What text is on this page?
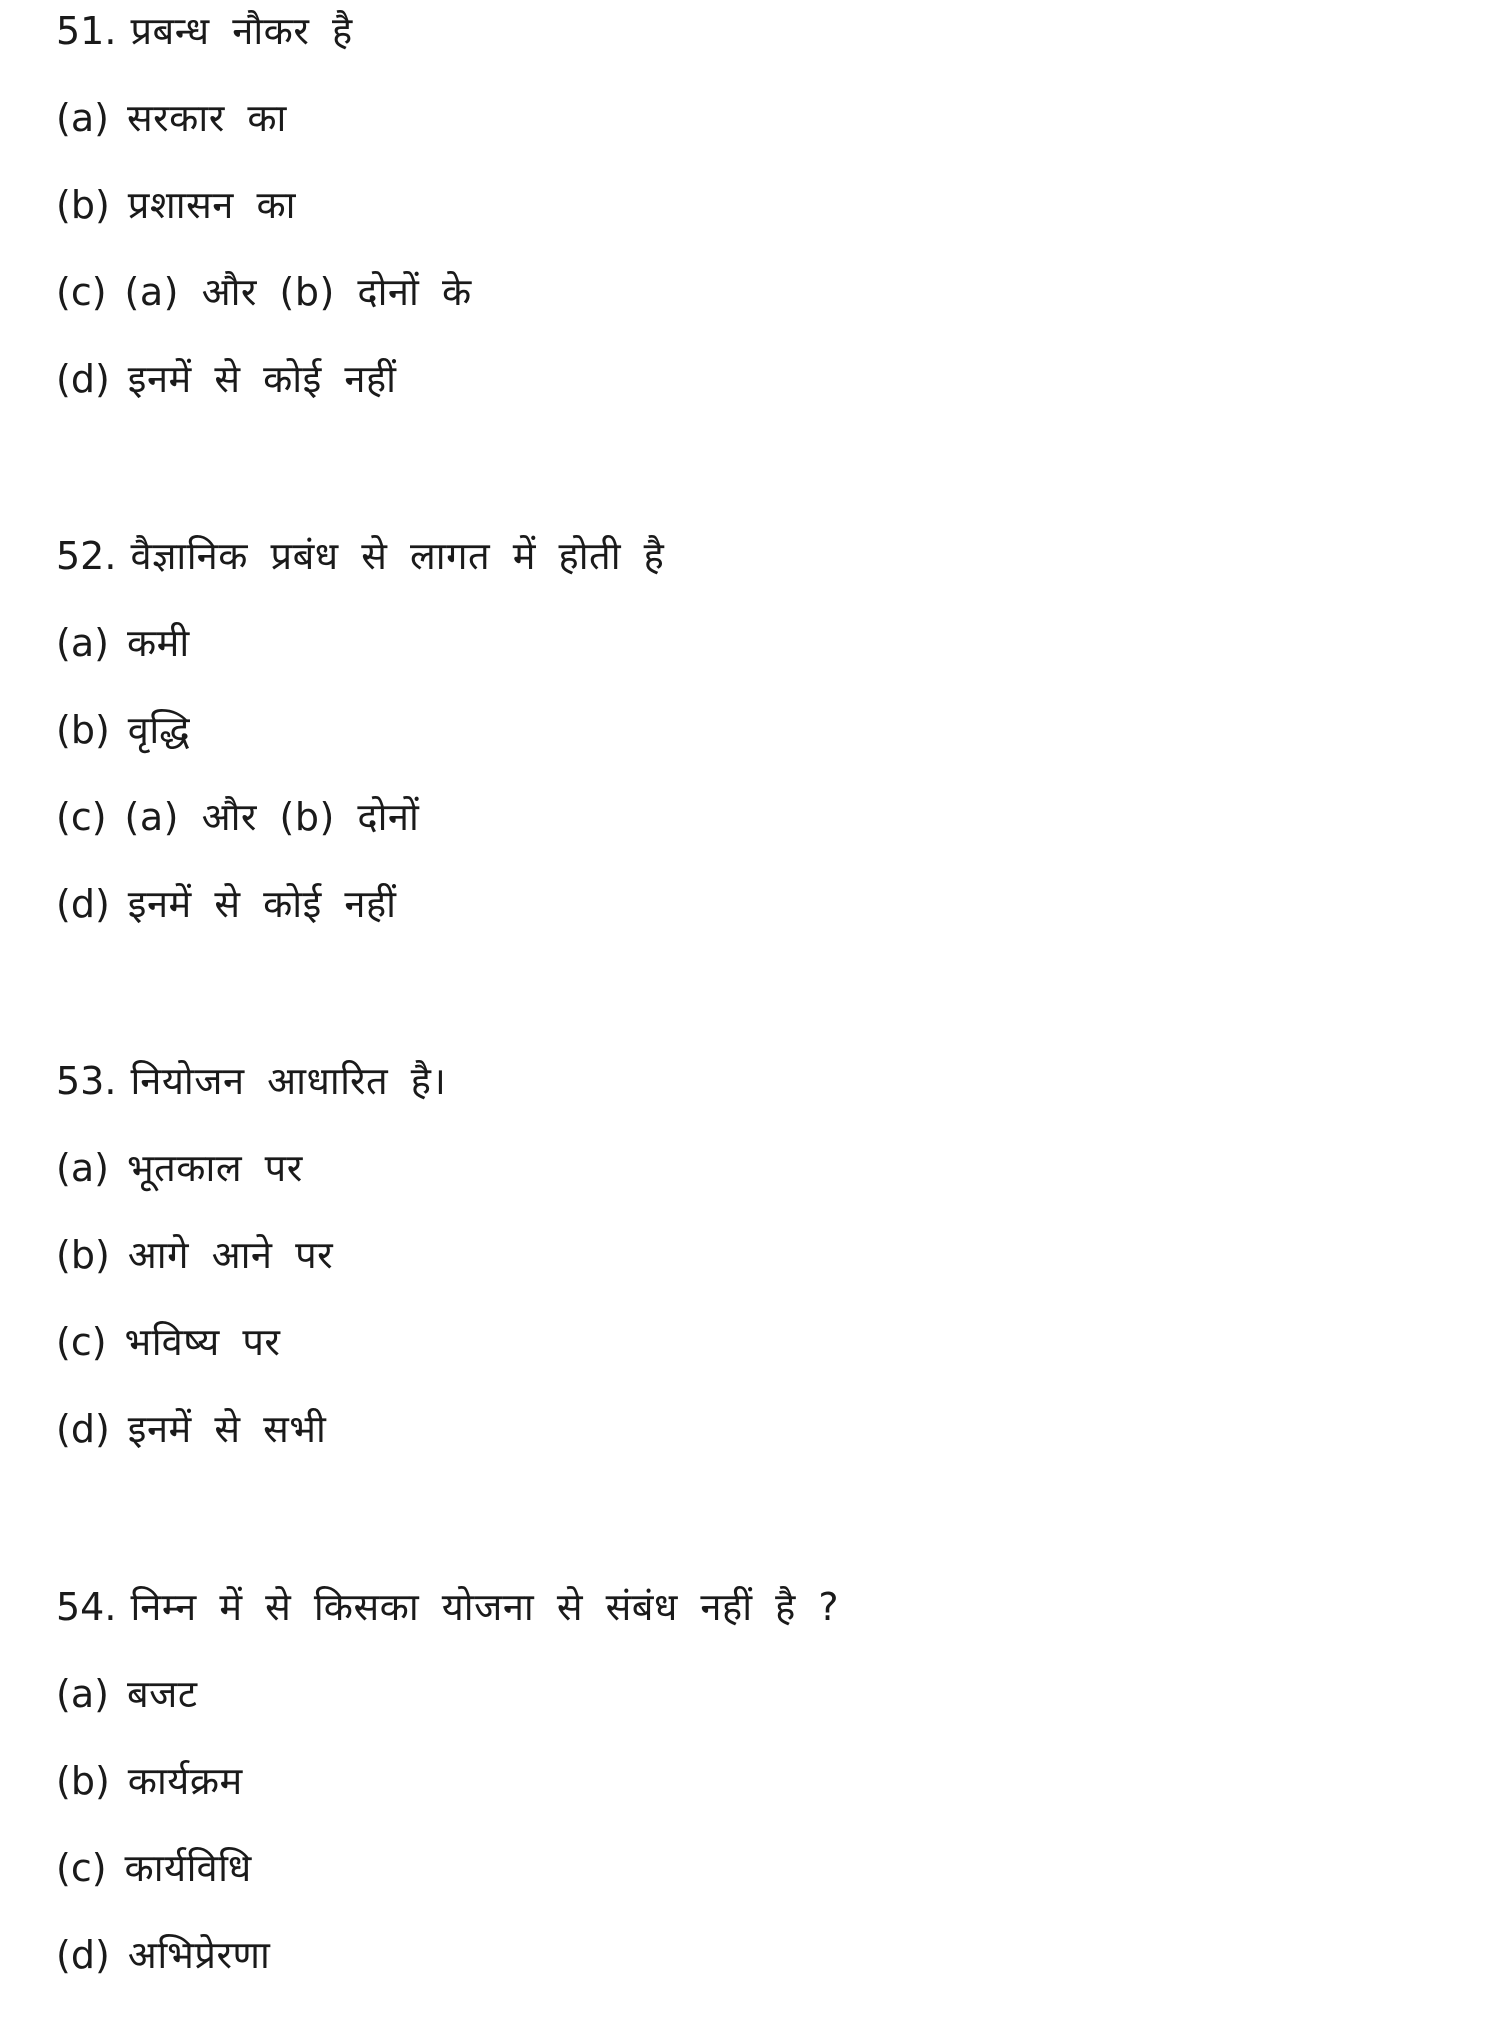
51. प्रबन्ध नौकर है
(a) सरकार का
(b) प्रशासन का
(c) (a) और (b) दोनों के
(d) इनमें से कोई नहीं
52. वैज्ञानिक प्रबंध से लागत में होती है
(a) कमी
(b) वृद्धि
(c) (a) और (b) दोनों
(d) इनमें से कोई नहीं
53. नियोजन आधारित है।
(a) भूतकाल पर
(b) आगे आने पर
(c) भविष्य पर
(d) इनमें से सभी
54. निम्न में से किसका योजना से संबंध नहीं है ?
(a) बजट
(b) कार्यक्रम
(c) कार्यविधि
(d) अभिप्रेरणा
